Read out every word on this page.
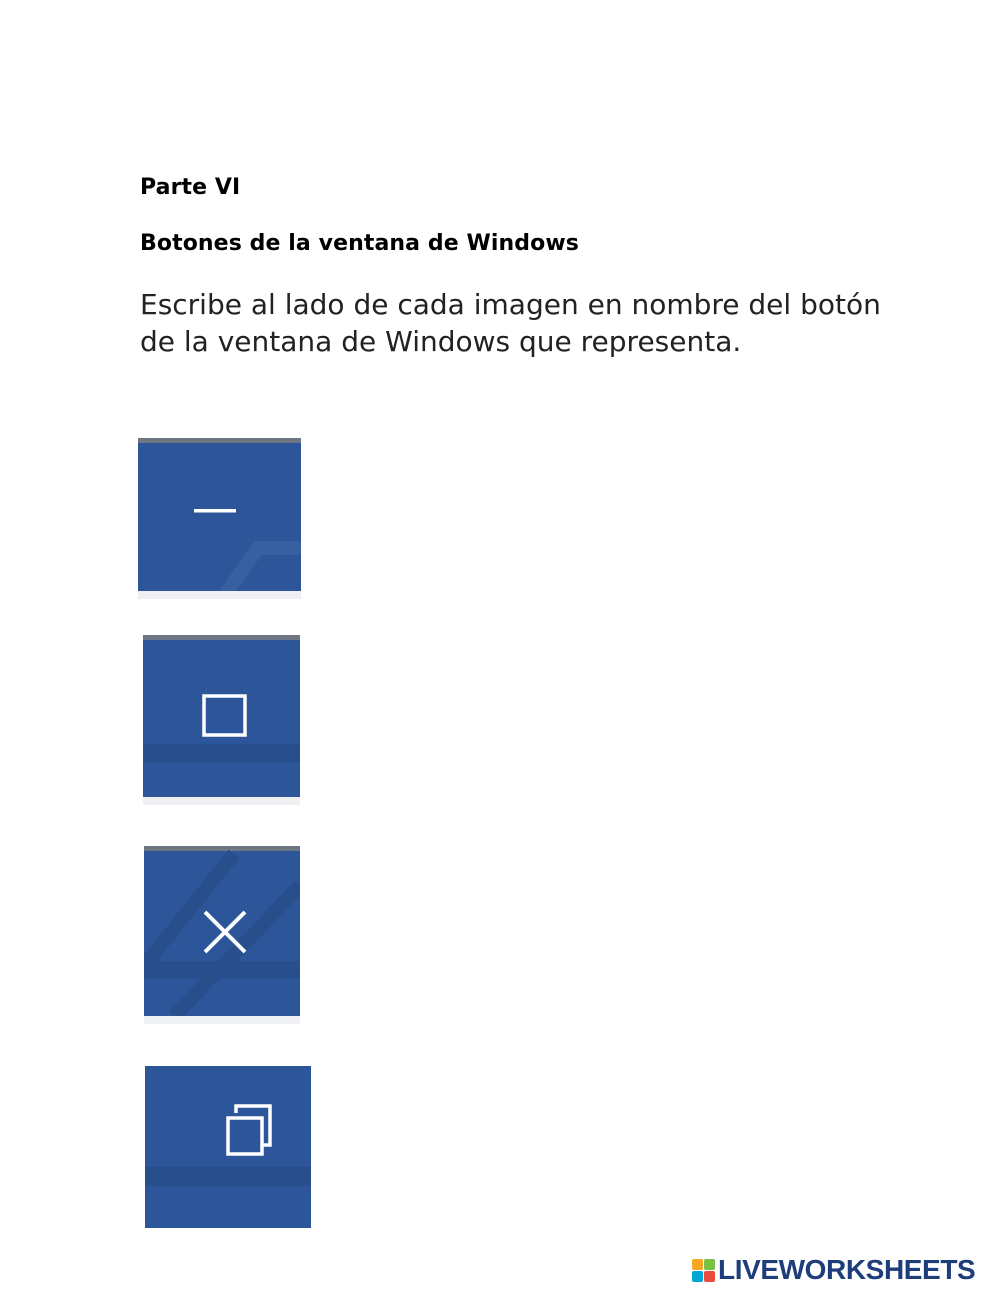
Parte VI
Botones de la ventana de Windows

Escribe al lado de cada imagen en nombre del botón de la ventana de Windows que representa.

LIVEWORKSHEETS
